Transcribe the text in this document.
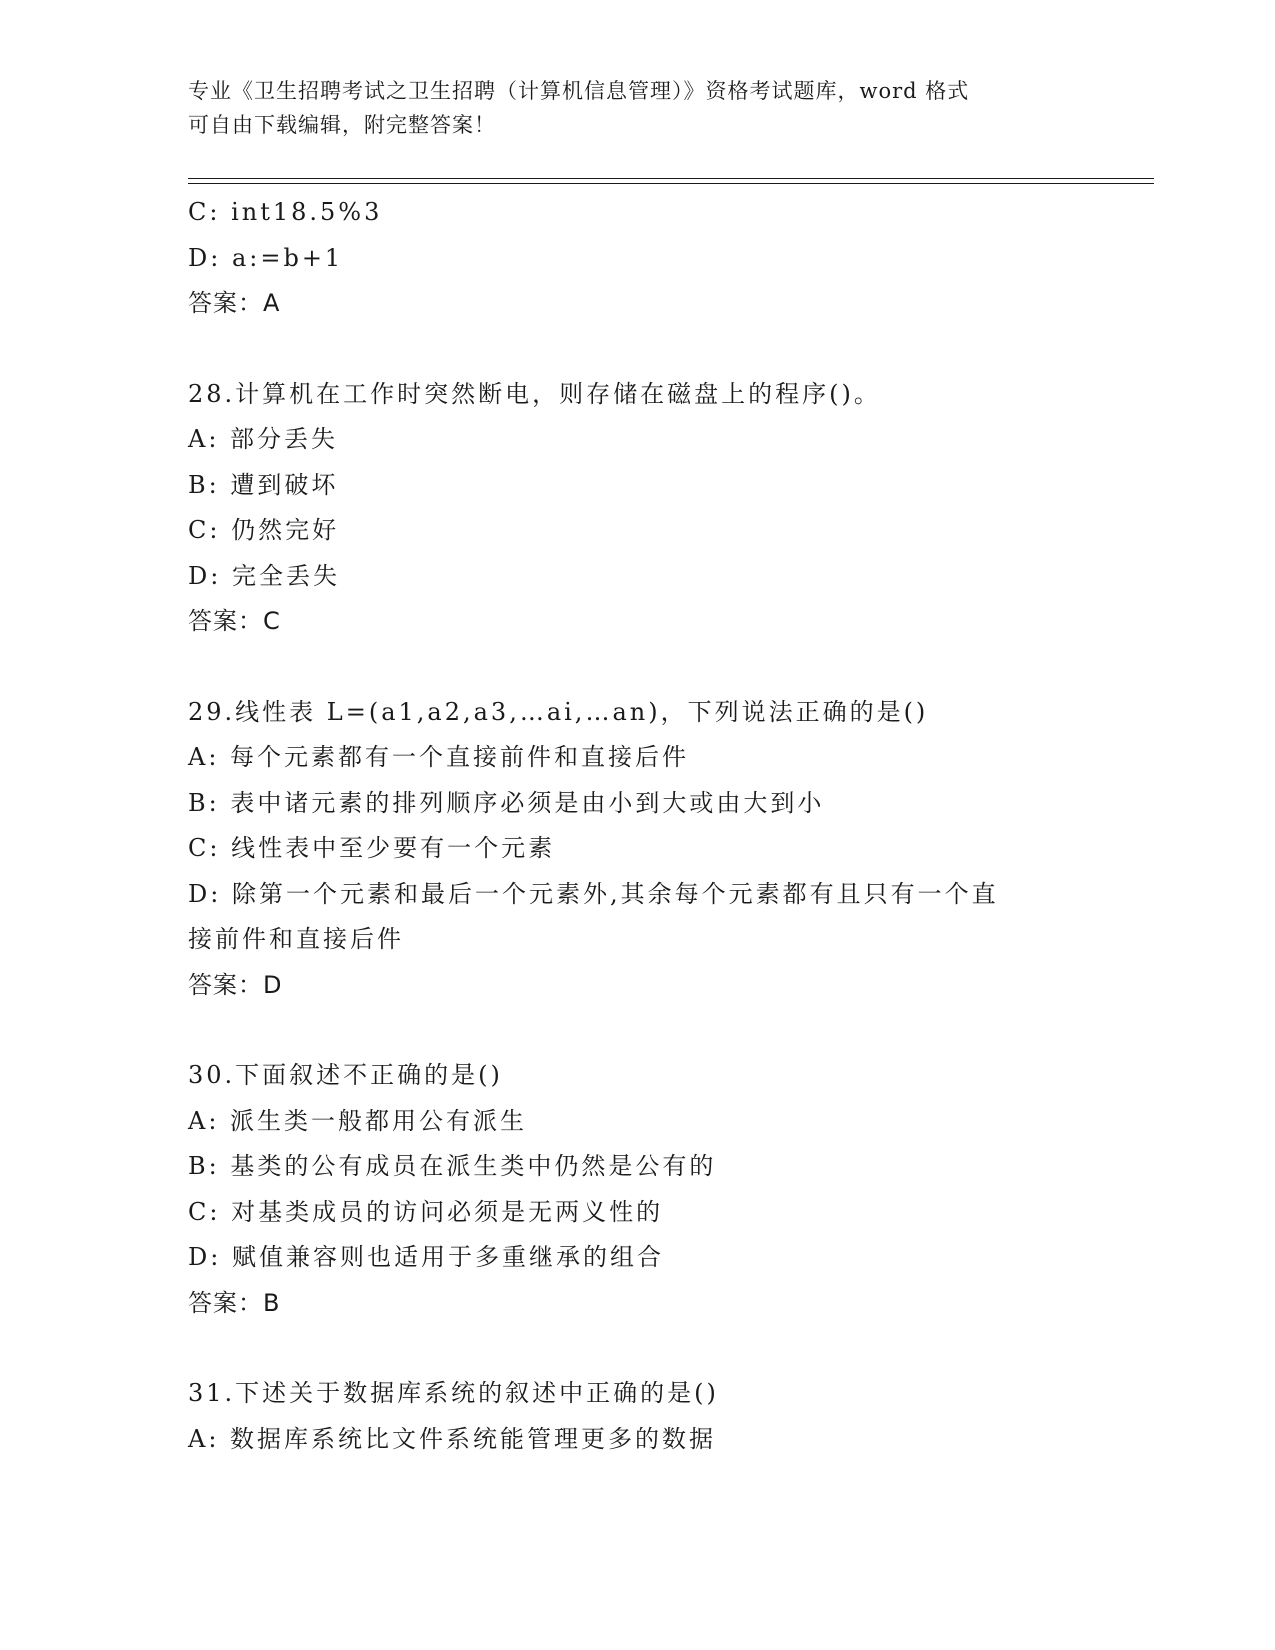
专业《卫生招聘考试之卫生招聘（计算机信息管理）》资格考试题库，word 格式
可自由下载编辑，附完整答案！
C: int18.5%3
D: a:=b+1
答案：A
28.计算机在工作时突然断电，则存储在磁盘上的程序()。
A: 部分丢失
B: 遭到破坏
C: 仍然完好
D: 完全丢失
答案：C
29.线性表 L=(a1,a2,a3,…ai,…an)，下列说法正确的是()
A: 每个元素都有一个直接前件和直接后件
B: 表中诸元素的排列顺序必须是由小到大或由大到小
C: 线性表中至少要有一个元素
D: 除第一个元素和最后一个元素外,其余每个元素都有且只有一个直
接前件和直接后件
答案：D
30.下面叙述不正确的是()
A: 派生类一般都用公有派生
B: 基类的公有成员在派生类中仍然是公有的
C: 对基类成员的访问必须是无两义性的
D: 赋值兼容则也适用于多重继承的组合
答案：B
31.下述关于数据库系统的叙述中正确的是()
A: 数据库系统比文件系统能管理更多的数据
